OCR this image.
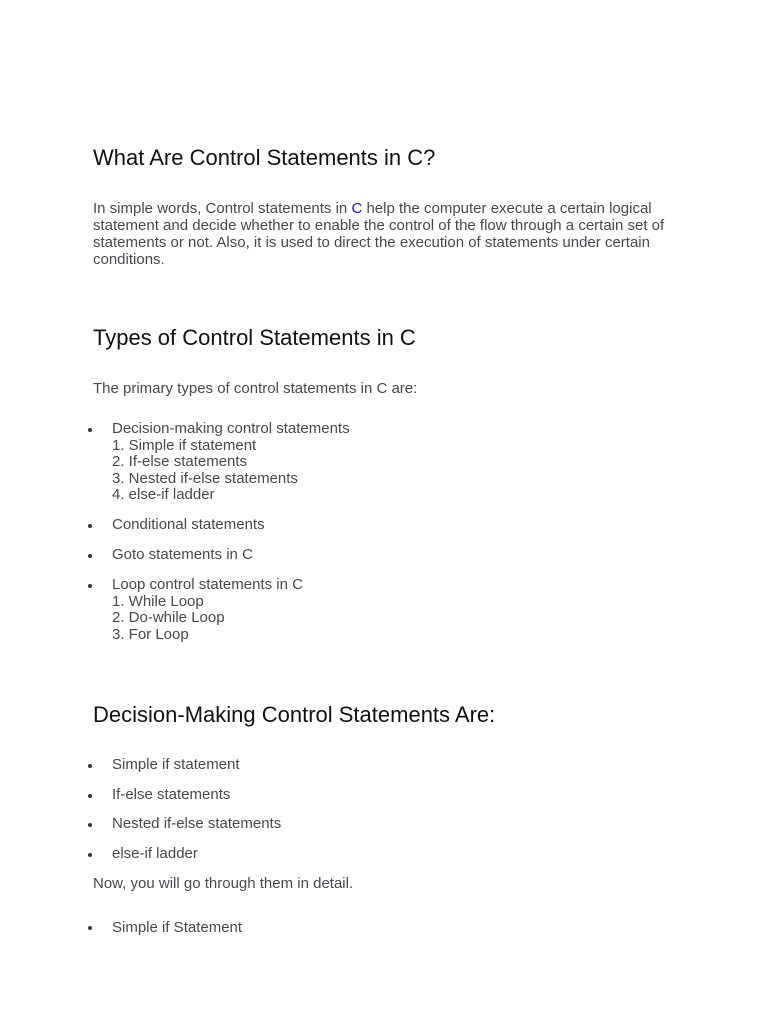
What Are Control Statements in C?

In simple words, Control statements in C help the computer execute a certain logical statement and decide whether to enable the control of the flow through a certain set of statements or not. Also, it is used to direct the execution of statements under certain conditions.

Types of Control Statements in C

The primary types of control statements in C are:

Decision-making control statements
1. Simple if statement
2. If-else statements
3. Nested if-else statements
4. else-if ladder
Conditional statements
Goto statements in C
Loop control statements in C
1. While Loop
2. Do-while Loop
3. For Loop
Decision-Making Control Statements Are:
Simple if statement
If-else statements
Nested if-else statements
else-if ladder

Now, you will go through them in detail.

Simple if Statement
